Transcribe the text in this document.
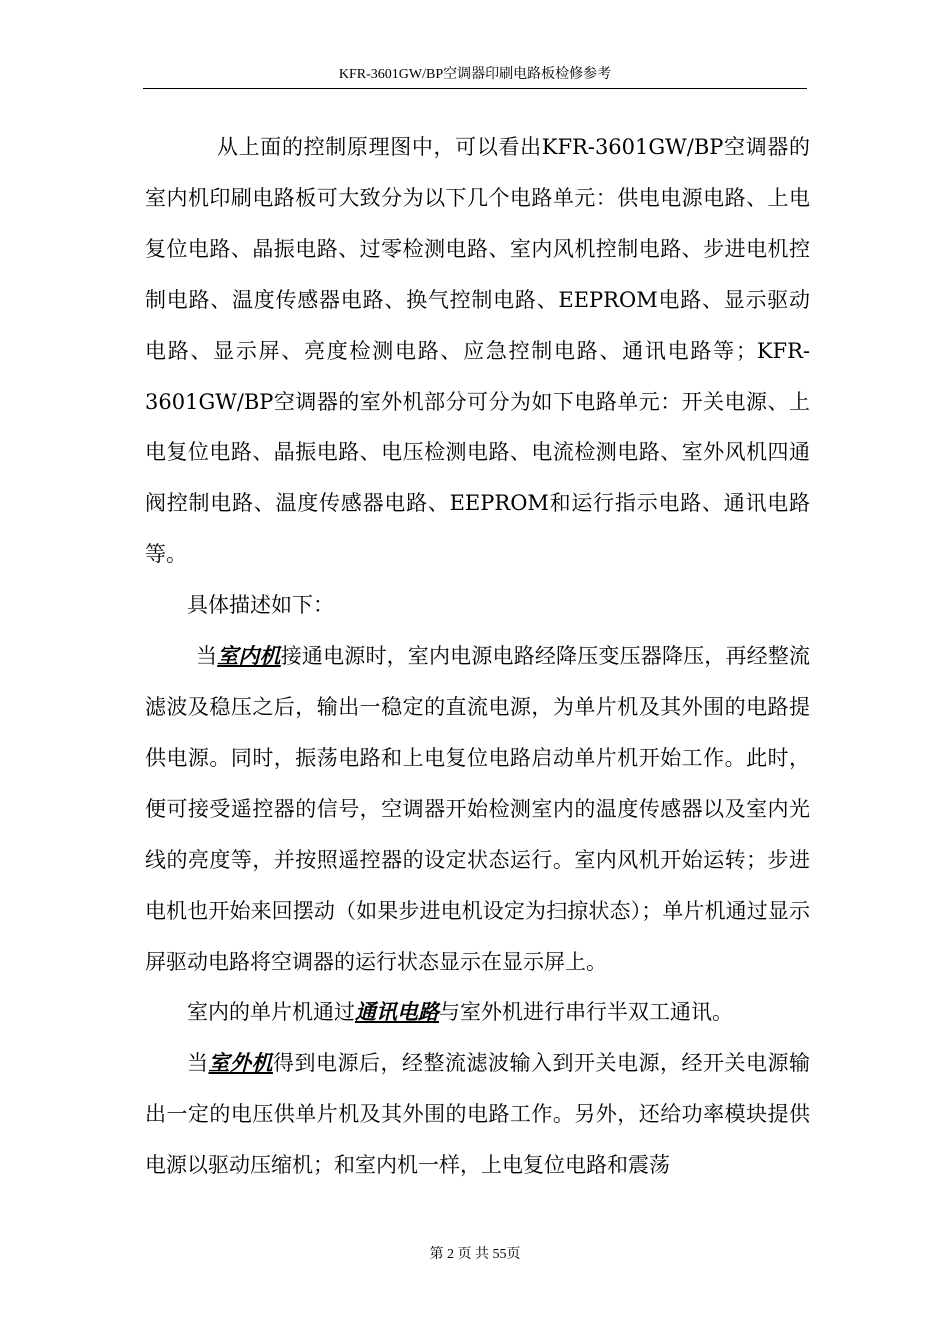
KFR-3601GW/BP空调器印刷电路板检修参考

从上面的控制原理图中，可以看出KFR-3601GW/BP空调器的室内机印刷电路板可大致分为以下几个电路单元：供电电源电路、上电复位电路、晶振电路、过零检测电路、室内风机控制电路、步进电机控制电路、温度传感器电路、换气控制电路、EEPROM电路、显示驱动电路、显示屏、亮度检测电路、应急控制电路、通讯电路等；KFR-3601GW/BP空调器的室外机部分可分为如下电路单元：开关电源、上电复位电路、晶振电路、电压检测电路、电流检测电路、室外风机四通阀控制电路、温度传感器电路、EEPROM和运行指示电路、通讯电路等。

具体描述如下：

当室内机接通电源时，室内电源电路经降压变压器降压，再经整流滤波及稳压之后，输出一稳定的直流电源，为单片机及其外围的电路提供电源。同时，振荡电路和上电复位电路启动单片机开始工作。此时，便可接受遥控器的信号，空调器开始检测室内的温度传感器以及室内光线的亮度等，并按照遥控器的设定状态运行。室内风机开始运转；步进电机也开始来回摆动（如果步进电机设定为扫掠状态）；单片机通过显示屏驱动电路将空调器的运行状态显示在显示屏上。

室内的单片机通过通讯电路与室外机进行串行半双工通讯。

当室外机得到电源后，经整流滤波输入到开关电源，经开关电源输出一定的电压供单片机及其外围的电路工作。另外，还给功率模块提供电源以驱动压缩机；和室内机一样，上电复位电路和震荡

第 2 页 共 55页
